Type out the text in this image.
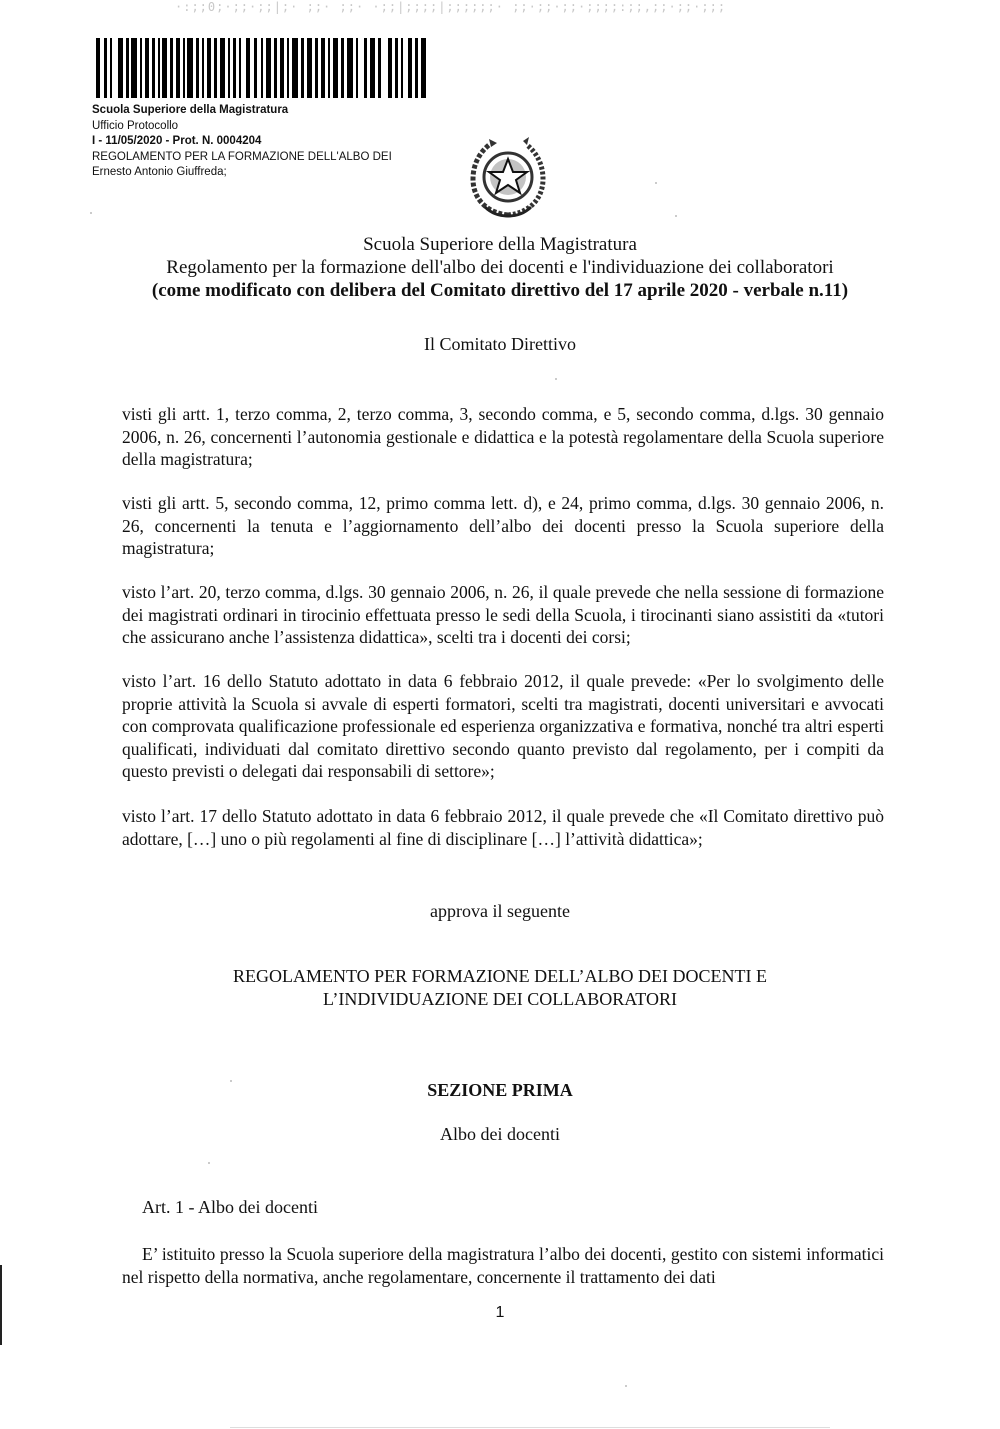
·:;;0;·;;·;;|;· ;;· ;;· ·;;|;;;;|;;;;;;· ;;·;;·;;·;;;;:;;,;;·;;·;;;
Scuola Superiore della Magistratura
Ufficio Protocollo
I - 11/05/2020 - Prot. N. 0004204
REGOLAMENTO PER LA FORMAZIONE DELL'ALBO DEI
Ernesto Antonio Giuffreda;
Scuola Superiore della Magistratura
Regolamento per la formazione dell'albo dei docenti e l'individuazione dei collaboratori
(come modificato con delibera del Comitato direttivo del 17 aprile 2020 - verbale n.11)
Il Comitato Direttivo
visti gli artt. 1, terzo comma, 2, terzo comma, 3, secondo comma, e 5, secondo comma, d.lgs. 30 gennaio 2006, n. 26, concernenti l’autonomia gestionale e didattica e la potestà regolamentare della Scuola superiore della magistratura;
visti gli artt. 5, secondo comma, 12, primo comma lett. d), e 24, primo comma, d.lgs. 30 gennaio 2006, n. 26, concernenti la tenuta e l’aggiornamento dell’albo dei docenti presso la Scuola superiore della magistratura;
visto l’art. 20, terzo comma, d.lgs. 30 gennaio 2006, n. 26, il quale prevede che nella sessione di formazione dei magistrati ordinari in tirocinio effettuata presso le sedi della Scuola, i tirocinanti siano assistiti da «tutori che assicurano anche l’assistenza didattica», scelti tra i docenti dei corsi;
visto l’art. 16 dello Statuto adottato in data 6 febbraio 2012, il quale prevede: «Per lo svolgimento delle proprie attività la Scuola si avvale di esperti formatori, scelti tra magistrati, docenti universitari e avvocati con comprovata qualificazione professionale ed esperienza organizzativa e formativa, nonché tra altri esperti qualificati, individuati dal comitato direttivo secondo quanto previsto dal regolamento, per i compiti da questo previsti o delegati dai responsabili di settore»;
visto l’art. 17 dello Statuto adottato in data 6 febbraio 2012, il quale prevede che «Il Comitato direttivo può adottare, […] uno o più regolamenti al fine di disciplinare […] l’attività didattica»;
approva il seguente
REGOLAMENTO PER FORMAZIONE DELL’ALBO DEI DOCENTI E
L’INDIVIDUAZIONE DEI COLLABORATORI
SEZIONE PRIMA
Albo dei docenti
Art. 1 - Albo dei docenti
E’ istituito presso la Scuola superiore della magistratura l’albo dei docenti, gestito con sistemi informatici nel rispetto della normativa, anche regolamentare, concernente il trattamento dei dati
1
